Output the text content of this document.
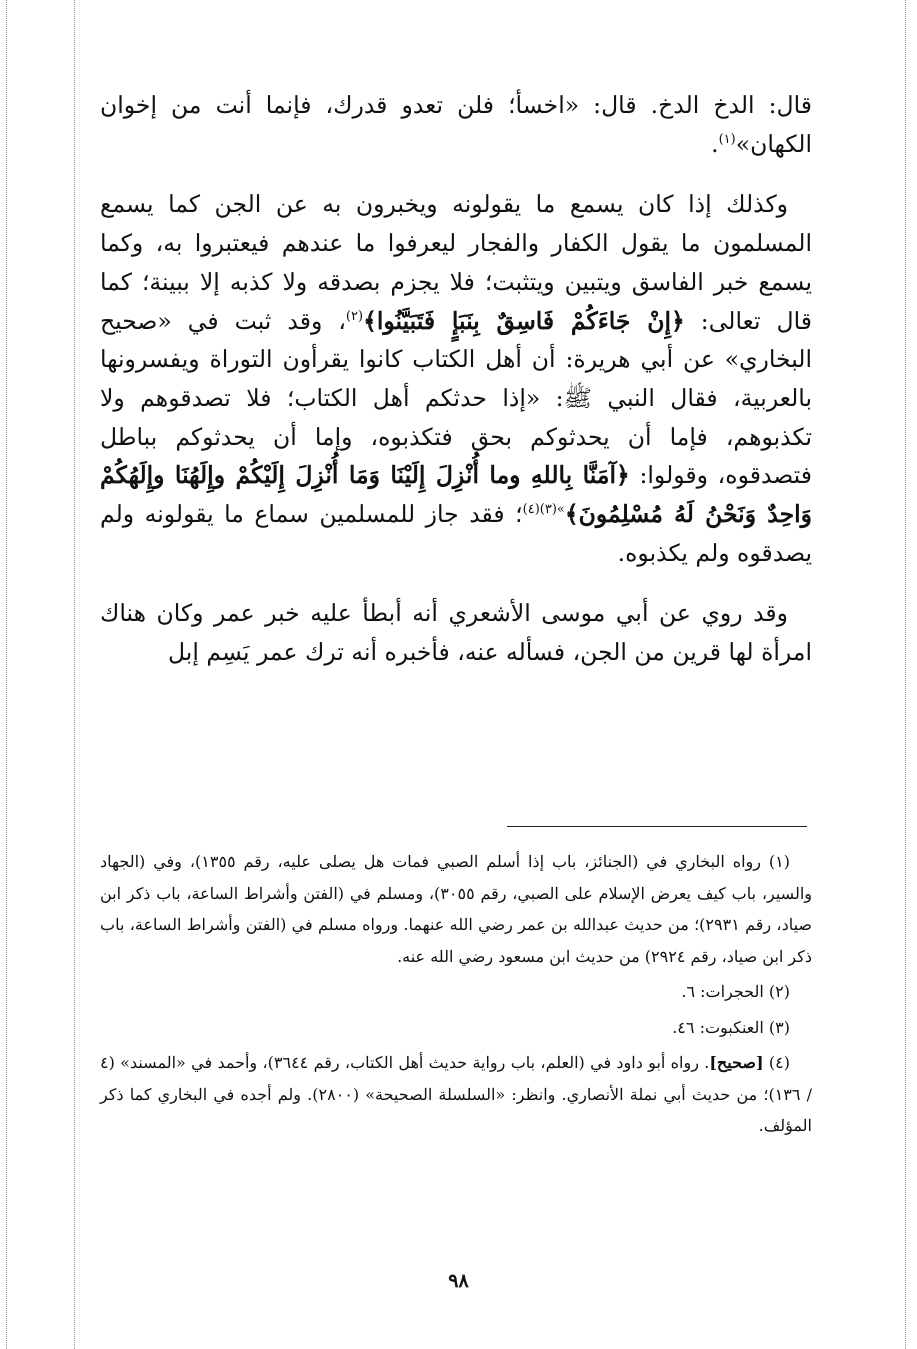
قال: الدخ الدخ. قال: «اخسأ؛ فلن تعدو قدرك، فإنما أنت من إخوان الكهان»$^{(١)}$.

وكذلك إذا كان يسمع ما يقولونه ويخبرون به عن الجن كما يسمع المسلمون ما يقول الكفار والفجار ليعرفوا ما عندهم فيعتبروا به، وكما يسمع خبر الفاسق ويتبين ويتثبت؛ فلا يجزم بصدقه ولا كذبه إلا ببينة؛ كما قال تعالى: ﴿إِنْ جَاءَكُمْ فَاسِقٌ بِنَبَإٍ فَتَبَيَّنُوا﴾$^{(٢)}$، وقد ثبت في «صحيح البخاري» عن أبي هريرة: أن أهل الكتاب كانوا يقرأون التوراة ويفسرونها بالعربية، فقال النبي ﷺ: «إذا حدثكم أهل الكتاب؛ فلا تصدقوهم ولا تكذبوهم، فإما أن يحدثوكم بحق فتكذبوه، وإما أن يحدثوكم بباطل فتصدقوه، وقولوا: ﴿آمَنَّا بِاللهِ وما أُنْزِلَ إِلَيْنَا وَمَا أُنْزِلَ إِلَيْكُمْ وإِلَهُنَا وإِلَهُكُمْ وَاحِدٌ وَنَحْنُ لَهُ مُسْلِمُونَ﴾$^{»(٣)(٤)}$؛ فقد جاز للمسلمين سماع ما يقولونه ولم يصدقوه ولم يكذبوه.

وقد روي عن أبي موسى الأشعري أنه أبطأ عليه خبر عمر وكان هناك امرأة لها قرين من الجن، فسأله عنه، فأخبره أنه ترك عمر يَسِم إبل

(١) رواه البخاري في (الجنائز، باب إذا أسلم الصبي فمات هل يصلى عليه، رقم ١٣٥٥)، وفي (الجهاد والسير، باب كيف يعرض الإسلام على الصبي، رقم ٣٠٥٥)، ومسلم في (الفتن وأشراط الساعة، باب ذكر ابن صياد، رقم ٢٩٣١)؛ من حديث عبدالله بن عمر رضي الله عنهما. ورواه مسلم في (الفتن وأشراط الساعة، باب ذكر ابن صياد، رقم ٢٩٢٤) من حديث ابن مسعود رضي الله عنه.

(٢) الحجرات: ٦.

(٣) العنكبوت: ٤٦.

(٤) [صحيح]. رواه أبو داود في (العلم، باب رواية حديث أهل الكتاب، رقم ٣٦٤٤)، وأحمد في «المسند» (٤ / ١٣٦)؛ من حديث أبي نملة الأنصاري. وانظر: «السلسلة الصحيحة» (٢٨٠٠). ولم أجده في البخاري كما ذكر المؤلف.

٩٨
